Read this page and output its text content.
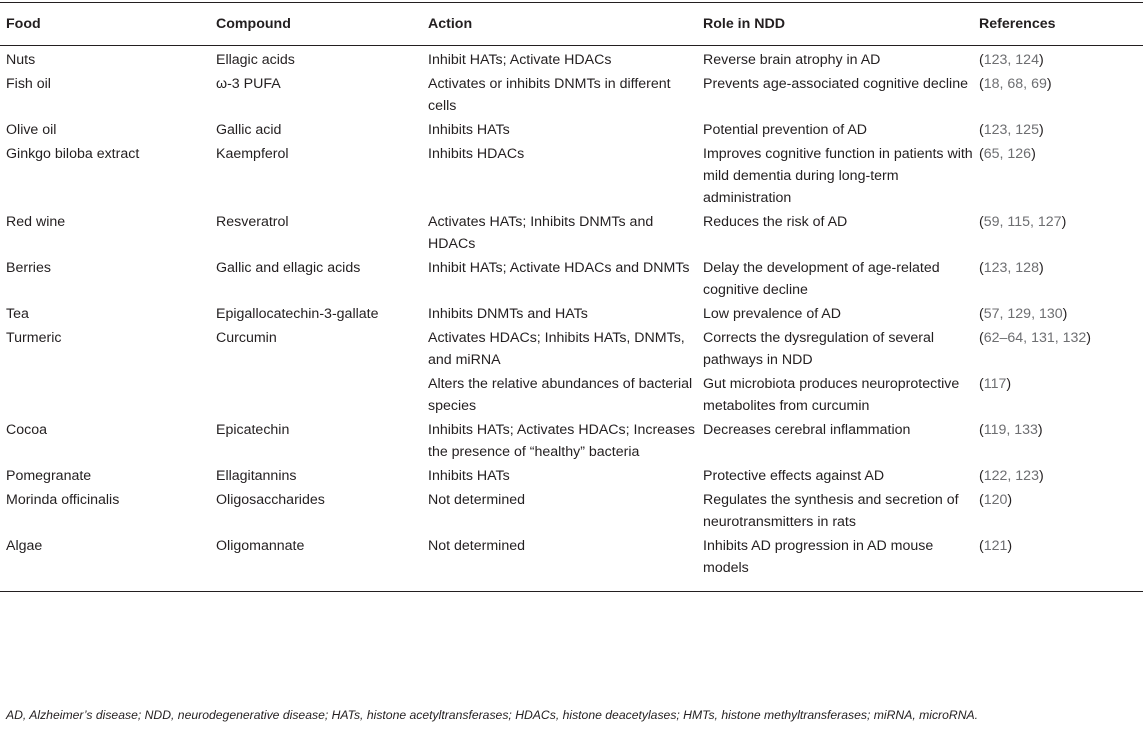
Food	Compound	Action	Role in NDD	References
Nuts	Ellagic acids	Inhibit HATs; Activate HDACs	Reverse brain atrophy in AD	(123, 124)
Fish oil	ω-3 PUFA	Activates or inhibits DNMTs in different cells	Prevents age-associated cognitive decline	(18, 68, 69)
Olive oil	Gallic acid	Inhibits HATs	Potential prevention of AD	(123, 125)
Ginkgo biloba extract	Kaempferol	Inhibits HDACs	Improves cognitive function in patients with mild dementia during long-term administration	(65, 126)
Red wine	Resveratrol	Activates HATs; Inhibits DNMTs and HDACs	Reduces the risk of AD	(59, 115, 127)
Berries	Gallic and ellagic acids	Inhibit HATs; Activate HDACs and DNMTs	Delay the development of age-related cognitive decline	(123, 128)
Tea	Epigallocatechin-3-gallate	Inhibits DNMTs and HATs	Low prevalence of AD	(57, 129, 130)
Turmeric	Curcumin	Activates HDACs; Inhibits HATs, DNMTs, and miRNA	Corrects the dysregulation of several pathways in NDD	(62–64, 131, 132)
		Alters the relative abundances of bacterial species	Gut microbiota produces neuroprotective metabolites from curcumin	(117)
Cocoa	Epicatechin	Inhibits HATs; Activates HDACs; Increases the presence of “healthy” bacteria	Decreases cerebral inflammation	(119, 133)
Pomegranate	Ellagitannins	Inhibits HATs	Protective effects against AD	(122, 123)
Morinda officinalis	Oligosaccharides	Not determined	Regulates the synthesis and secretion of neurotransmitters in rats	(120)
Algae	Oligomannate	Not determined	Inhibits AD progression in AD mouse models	(121)
AD, Alzheimer’s disease; NDD, neurodegenerative disease; HATs, histone acetyltransferases; HDACs, histone deacetylases; HMTs, histone methyltransferases; miRNA, microRNA.
